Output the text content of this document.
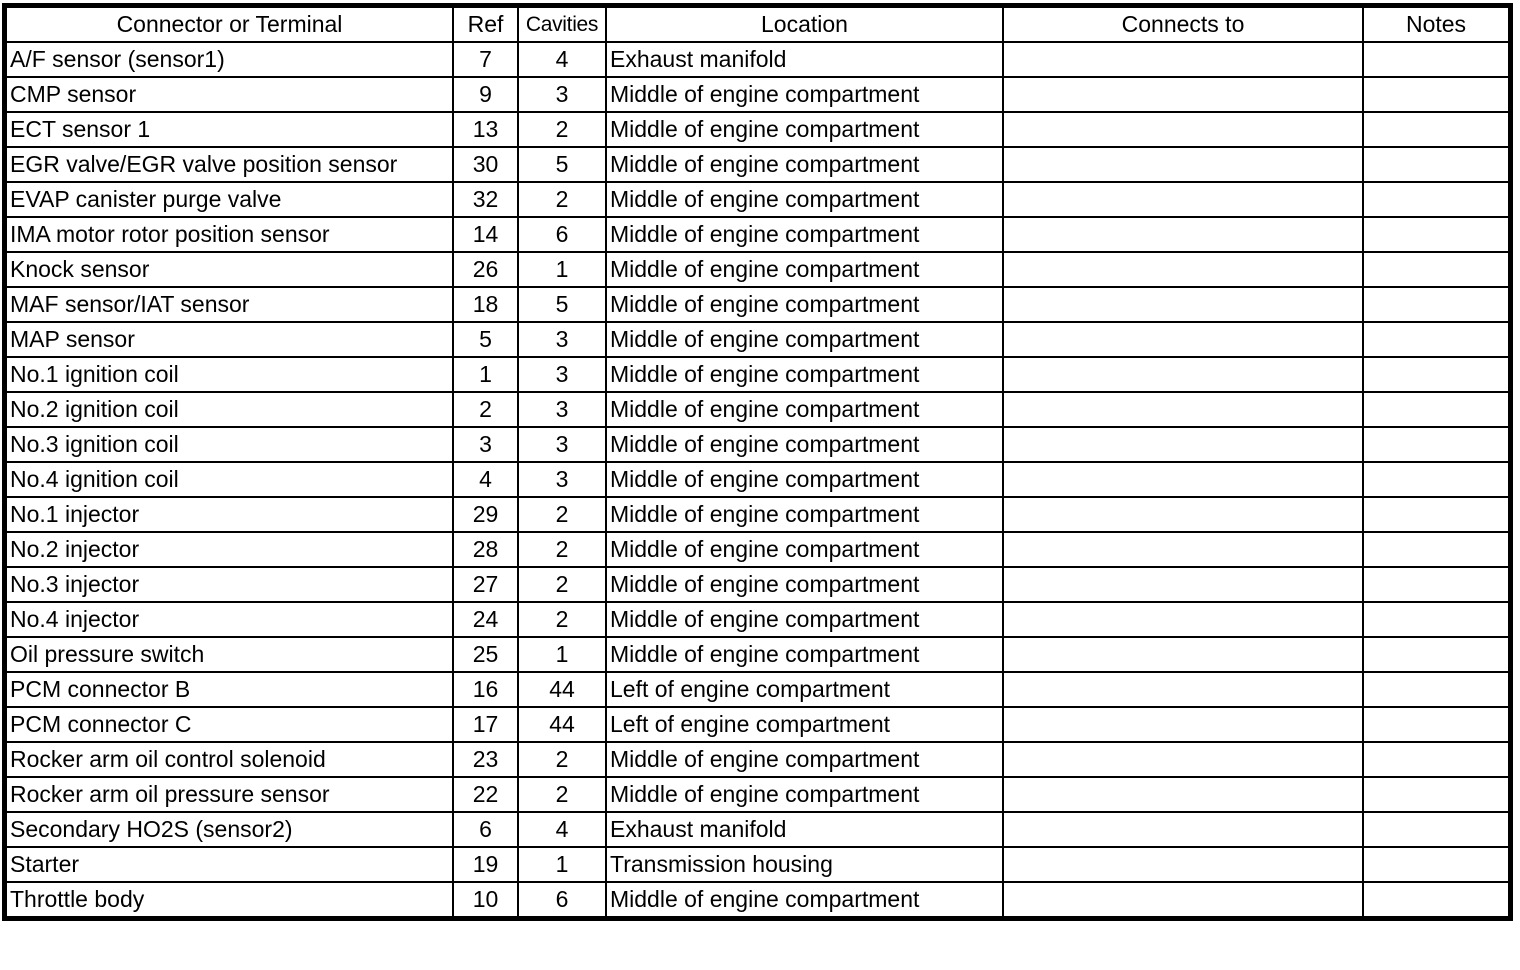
Connector or Terminal	Ref	Cavities	Location	Connects to	Notes
A/F sensor (sensor1)	7	4	Exhaust manifold		
CMP sensor	9	3	Middle of engine compartment		
ECT sensor 1	13	2	Middle of engine compartment		
EGR valve/EGR valve position sensor	30	5	Middle of engine compartment		
EVAP canister purge valve	32	2	Middle of engine compartment		
IMA motor rotor position sensor	14	6	Middle of engine compartment		
Knock sensor	26	1	Middle of engine compartment		
MAF sensor/IAT sensor	18	5	Middle of engine compartment		
MAP sensor	5	3	Middle of engine compartment		
No.1 ignition coil	1	3	Middle of engine compartment		
No.2 ignition coil	2	3	Middle of engine compartment		
No.3 ignition coil	3	3	Middle of engine compartment		
No.4 ignition coil	4	3	Middle of engine compartment		
No.1 injector	29	2	Middle of engine compartment		
No.2 injector	28	2	Middle of engine compartment		
No.3 injector	27	2	Middle of engine compartment		
No.4 injector	24	2	Middle of engine compartment		
Oil pressure switch	25	1	Middle of engine compartment		
PCM connector B	16	44	Left of engine compartment		
PCM connector C	17	44	Left of engine compartment		
Rocker arm oil control solenoid	23	2	Middle of engine compartment		
Rocker arm oil pressure sensor	22	2	Middle of engine compartment		
Secondary HO2S (sensor2)	6	4	Exhaust manifold		
Starter	19	1	Transmission housing		
Throttle body	10	6	Middle of engine compartment		
